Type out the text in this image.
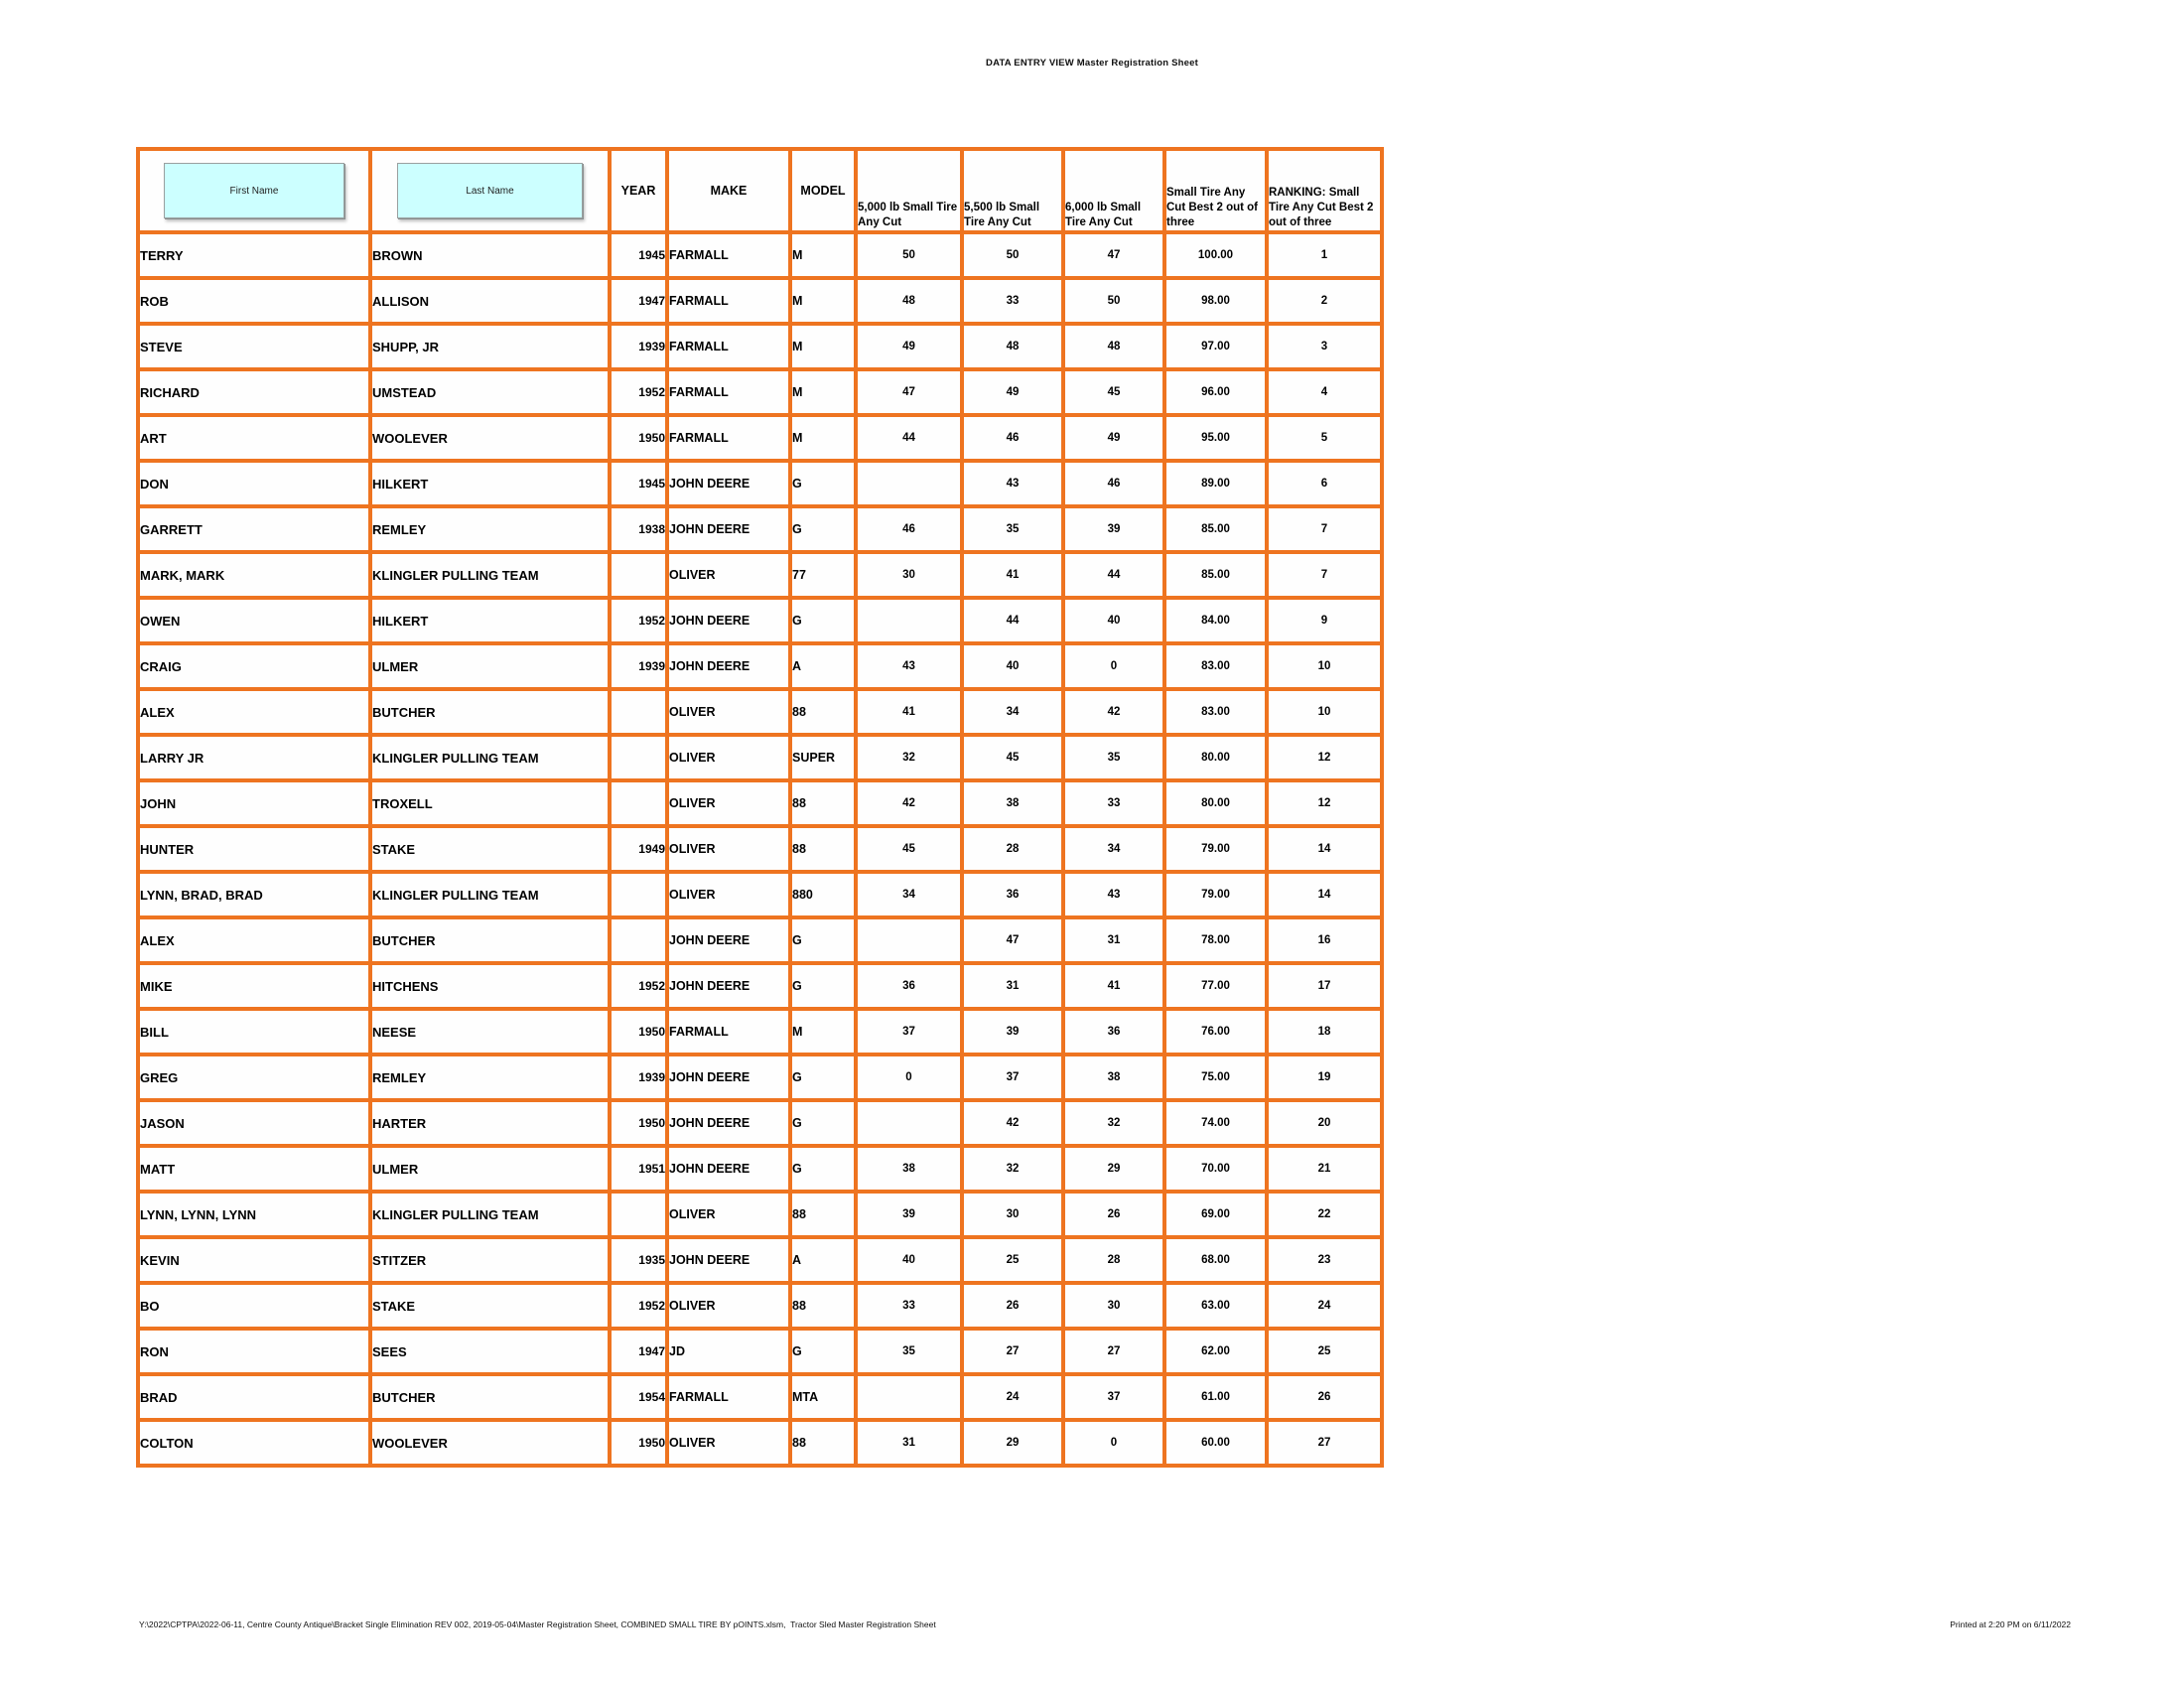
DATA ENTRY VIEW Master Registration Sheet
First Name	Last Name	YEAR	MAKE	MODEL	5,000 lb Small Tire Any Cut	5,500 lb Small Tire Any Cut	6,000 lb Small Tire Any Cut	Small Tire Any Cut Best 2 out of three	RANKING: Small Tire Any Cut Best 2 out of three
TERRY	BROWN	1945	FARMALL	M	50	50	47	100.00	1
ROB	ALLISON	1947	FARMALL	M	48	33	50	98.00	2
STEVE	SHUPP, JR	1939	FARMALL	M	49	48	48	97.00	3
RICHARD	UMSTEAD	1952	FARMALL	M	47	49	45	96.00	4
ART	WOOLEVER	1950	FARMALL	M	44	46	49	95.00	5
DON	HILKERT	1945	JOHN DEERE	G		43	46	89.00	6
GARRETT	REMLEY	1938	JOHN DEERE	G	46	35	39	85.00	7
MARK, MARK	KLINGLER PULLING TEAM		OLIVER	77	30	41	44	85.00	7
OWEN	HILKERT	1952	JOHN DEERE	G		44	40	84.00	9
CRAIG	ULMER	1939	JOHN DEERE	A	43	40	0	83.00	10
ALEX	BUTCHER		OLIVER	88	41	34	42	83.00	10
LARRY JR	KLINGLER PULLING TEAM		OLIVER	SUPER	32	45	35	80.00	12
JOHN	TROXELL		OLIVER	88	42	38	33	80.00	12
HUNTER	STAKE	1949	OLIVER	88	45	28	34	79.00	14
LYNN, BRAD, BRAD	KLINGLER PULLING TEAM		OLIVER	880	34	36	43	79.00	14
ALEX	BUTCHER		JOHN DEERE	G		47	31	78.00	16
MIKE	HITCHENS	1952	JOHN DEERE	G	36	31	41	77.00	17
BILL	NEESE	1950	FARMALL	M	37	39	36	76.00	18
GREG	REMLEY	1939	JOHN DEERE	G	0	37	38	75.00	19
JASON	HARTER	1950	JOHN DEERE	G		42	32	74.00	20
MATT	ULMER	1951	JOHN DEERE	G	38	32	29	70.00	21
LYNN, LYNN, LYNN	KLINGLER PULLING TEAM		OLIVER	88	39	30	26	69.00	22
KEVIN	STITZER	1935	JOHN DEERE	A	40	25	28	68.00	23
BO	STAKE	1952	OLIVER	88	33	26	30	63.00	24
RON	SEES	1947	JD	G	35	27	27	62.00	25
BRAD	BUTCHER	1954	FARMALL	MTA		24	37	61.00	26
COLTON	WOOLEVER	1950	OLIVER	88	31	29	0	60.00	27
Y:\2022\CPTPA\2022-06-11, Centre County Antique\Bracket Single Elimination REV 002, 2019-05-04\Master Registration Sheet, COMBINED SMALL TIRE BY pOINTS.xlsm,  Tractor Sled Master Registration Sheet	Printed at 2:20 PM on 6/11/2022
